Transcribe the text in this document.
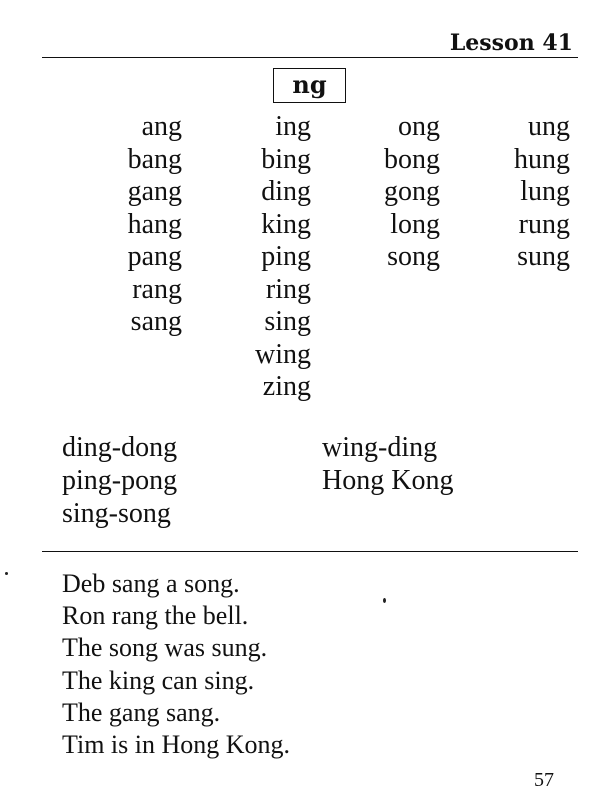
Lesson 41
ng
ang
bang
gang
hang
pang
rang
sang
ing
bing
ding
king
ping
ring
sing
wing
zing
ong
bong
gong
long
song
ung
hung
lung
rung
sung
ding-dong
ping-pong
sing-song
wing-ding
Hong Kong
Deb sang a song.
Ron rang the bell.
The song was sung.
The king can sing.
The gang sang.
Tim is in Hong Kong.
57
